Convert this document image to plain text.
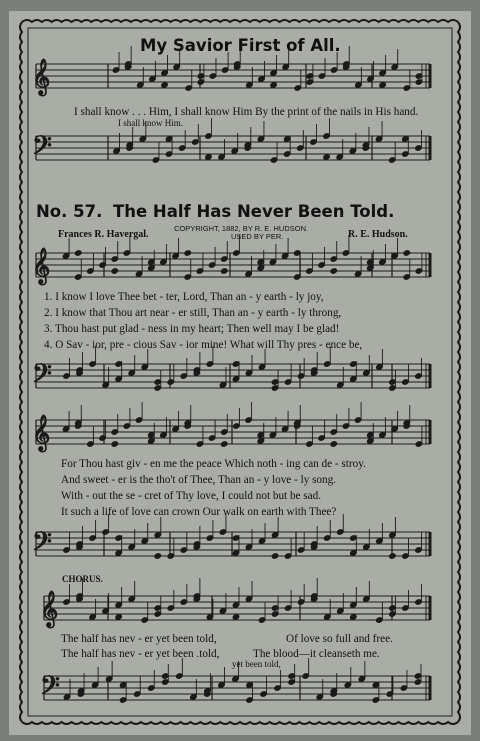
𝄞
𝄢
𝄞
𝄢
𝄞
𝄢
𝄞
𝄢
My Savior First of All.
I shall know . . . Him, I shall know Him By the print of the nails in His hand.
I shall know Him.
No. 57. The Half Has Never Been Told.
COPYRIGHT, 1882, BY R. E. HUDSON.
USED BY PER.
Frances R. Havergal.	R. E. Hudson.
1. I know I love Thee bet - ter, Lord, Than an - y earth - ly joy,
2. I know that Thou art near - er still, Than an - y earth - ly throng,
3. Thou hast put glad - ness in my heart; Then well may I be glad!
4. O Sav - ior, pre - cious Sav - ior mine! What will Thy pres - ence be,
For Thou hast giv - en me the peace Which noth - ing can de - stroy.
And sweet - er is the tho't of Thee, Than an - y love - ly song.
With - out the se - cret of Thy love, I could not but be sad.
It such a life of love can crown Our walk on earth with Thee?
CHORUS.
The half has nev - er yet been told,	Of love so full and free.
The half has nev - er yet been .told,	The blood—it cleanseth me.
yet been told,
